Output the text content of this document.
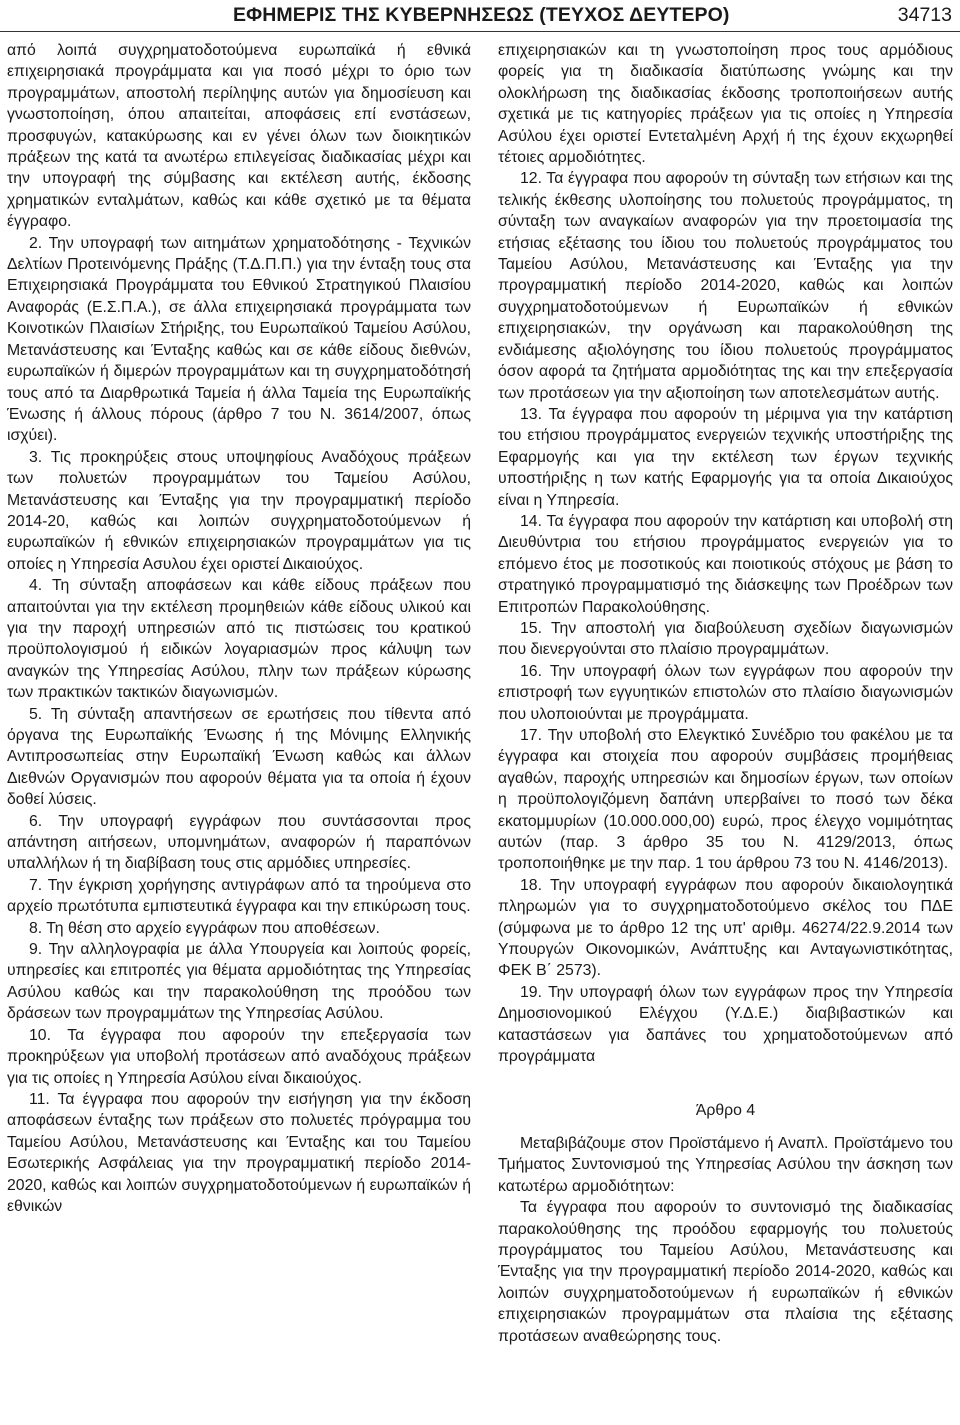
ΕΦΗΜΕΡΙΣ ΤΗΣ ΚΥΒΕΡΝΗΣΕΩΣ (ΤΕΥΧΟΣ ΔΕΥΤΕΡΟ)	34713

από λοιπά συγχρηματοδοτούμενα ευρωπαϊκά ή εθνικά επιχειρησιακά προγράμματα και για ποσό μέχρι το όριο των προγραμμάτων, αποστολή περίληψης αυτών για δημοσίευση και γνωστοποίηση, όπου απαιτείται, αποφάσεις επί ενστάσεων, προσφυγών, κατακύρωσης και εν γένει όλων των διοικητικών πράξεων της κατά τα ανωτέρω επιλεγείσας διαδικασίας μέχρι και την υπογραφή της σύμβασης και εκτέλεση αυτής, έκδοσης χρηματικών ενταλμάτων, καθώς και κάθε σχετικό με τα θέματα έγγραφο.

2. Την υπογραφή των αιτημάτων χρηματοδότησης - Τεχνικών Δελτίων Προτεινόμενης Πράξης (Τ.Δ.Π.Π.) για την ένταξη τους στα Επιχειρησιακά Προγράμματα του Εθνικού Στρατηγικού Πλαισίου Αναφοράς (Ε.Σ.Π.Α.), σε άλλα επιχειρησιακά προγράμματα των Κοινοτικών Πλαισίων Στήριξης, του Ευρωπαϊκού Ταμείου Ασύλου, Μετανάστευσης και Ένταξης καθώς και σε κάθε είδους διεθνών, ευρωπαϊκών ή διμερών προγραμμάτων και τη συγχρηματοδότησή τους από τα Διαρθρωτικά Ταμεία ή άλλα Ταμεία της Ευρωπαϊκής Ένωσης ή άλλους πόρους (άρθρο 7 του Ν. 3614/2007, όπως ισχύει).

3. Τις προκηρύξεις στους υποψηφίους Αναδόχους πράξεων των πολυετών προγραμμάτων του Ταμείου Ασύλου, Μετανάστευσης και Ένταξης για την προγραμματική περίοδο 2014-20, καθώς και λοιπών συγχρηματοδοτούμενων ή ευρωπαϊκών ή εθνικών επιχειρησιακών προγραμμάτων για τις οποίες η Υπηρεσία Ασυλου έχει οριστεί Δικαιούχος.

4. Τη σύνταξη αποφάσεων και κάθε είδους πράξεων που απαιτούνται για την εκτέλεση προμηθειών κάθε είδους υλικού και για την παροχή υπηρεσιών από τις πιστώσεις του κρατικού προϋπολογισμού ή ειδικών λογαριασμών προς κάλυψη των αναγκών της Υπηρεσίας Ασύλου, πλην των πράξεων κύρωσης των πρακτικών τακτικών διαγωνισμών.

5. Τη σύνταξη απαντήσεων σε ερωτήσεις που τίθεντα από όργανα της Ευρωπαϊκής Ένωσης ή της Μόνιμης Ελληνικής Αντιπροσωπείας στην Ευρωπαϊκή Ένωση καθώς και άλλων Διεθνών Οργανισμών που αφορούν θέματα για τα οποία ή έχουν δοθεί λύσεις.

6. Την υπογραφή εγγράφων που συντάσσονται προς απάντηση αιτήσεων, υπομνημάτων, αναφορών ή παραπόνων υπαλλήλων ή τη διαβίβαση τους στις αρμόδιες υπηρεσίες.

7. Την έγκριση χορήγησης αντιγράφων από τα τηρούμενα στο αρχείο πρωτότυπα εμπιστευτικά έγγραφα και την επικύρωση τους.

8. Τη θέση στο αρχείο εγγράφων που αποθέσεων.

9. Την αλληλογραφία με άλλα Υπουργεία και λοιπούς φορείς, υπηρεσίες και επιτροπές για θέματα αρμοδιότητας της Υπηρεσίας Ασύλου καθώς και την παρακολούθηση της προόδου των δράσεων των προγραμμάτων της Υπηρεσίας Ασύλου.

10. Τα έγγραφα που αφορούν την επεξεργασία των προκηρύξεων για υποβολή προτάσεων από αναδόχους πράξεων για τις οποίες η Υπηρεσία Ασύλου είναι δικαιούχος.

11. Τα έγγραφα που αφορούν την εισήγηση για την έκδοση αποφάσεων ένταξης των πράξεων στο πολυετές πρόγραμμα του Ταμείου Ασύλου, Μετανάστευσης και Ένταξης και του Ταμείου Εσωτερικής Ασφάλειας για την προγραμματική περίοδο 2014-2020, καθώς και λοιπών συγχρηματοδοτούμενων ή ευρωπαϊκών ή εθνικών

επιχειρησιακών και τη γνωστοποίηση προς τους αρμόδιους φορείς για τη διαδικασία διατύπωσης γνώμης και την ολοκλήρωση της διαδικασίας έκδοσης τροποποιήσεων αυτής σχετικά με τις κατηγορίες πράξεων για τις οποίες η Υπηρεσία Ασύλου έχει οριστεί Εντεταλμένη Αρχή ή της έχουν εκχωρηθεί τέτοιες αρμοδιότητες.

12. Τα έγγραφα που αφορούν τη σύνταξη των ετήσιων και της τελικής έκθεσης υλοποίησης του πολυετούς προγράμματος, τη σύνταξη των αναγκαίων αναφορών για την προετοιμασία της ετήσιας εξέτασης του ίδιου του πολυετούς προγράμματος του Ταμείου Ασύλου, Μετανάστευσης και Ένταξης για την προγραμματική περίοδο 2014-2020, καθώς και λοιπών συγχρηματοδοτούμενων ή Ευρωπαϊκών ή εθνικών επιχειρησιακών, την οργάνωση και παρακολούθηση της ενδιάμεσης αξιολόγησης του ίδιου πολυετούς προγράμματος όσον αφορά τα ζητήματα αρμοδιότητας της και την επεξεργασία των προτάσεων για την αξιοποίηση των αποτελεσμάτων αυτής.

13. Τα έγγραφα που αφορούν τη μέριμνα για την κατάρτιση του ετήσιου προγράμματος ενεργειών τεχνικής υποστήριξης της Εφαρμογής και για την εκτέλεση των έργων τεχνικής υποστήριξης η των κατής Εφαρμογής για τα οποία Δικαιούχος είναι η Υπηρεσία.

14. Τα έγγραφα που αφορούν την κατάρτιση και υποβολή στη Διευθύντρια του ετήσιου προγράμματος ενεργειών για το επόμενο έτος με ποσοτικούς και ποιοτικούς στόχους με βάση το στρατηγικό προγραμματισμό της διάσκεψης των Προέδρων των Επιτροπών Παρακολούθησης.

15. Την αποστολή για διαβούλευση σχεδίων διαγωνισμών που διενεργούνται στο πλαίσιο προγραμμάτων.

16. Την υπογραφή όλων των εγγράφων που αφορούν την επιστροφή των εγγυητικών επιστολών στο πλαίσιο διαγωνισμών που υλοποιούνται με προγράμματα.

17. Την υποβολή στο Ελεγκτικό Συνέδριο του φακέλου με τα έγγραφα και στοιχεία που αφορούν συμβάσεις προμήθειας αγαθών, παροχής υπηρεσιών και δημοσίων έργων, των οποίων η προϋπολογιζόμενη δαπάνη υπερβαίνει το ποσό των δέκα εκατομμυρίων (10.000.000,00) ευρώ, προς έλεγχο νομιμότητας αυτών (παρ. 3 άρθρο 35 του Ν. 4129/2013, όπως τροποποιήθηκε με την παρ. 1 του άρθρου 73 του Ν. 4146/2013).

18. Την υπογραφή εγγράφων που αφορούν δικαιολογητικά πληρωμών για το συγχρηματοδοτούμενο σκέλος του ΠΔΕ (σύμφωνα με το άρθρο 12 της υπ' αριθμ. 46274/22.9.2014 των Υπουργών Οικονομικών, Ανάπτυξης και Ανταγωνιστικότητας, ΦΕΚ Β΄ 2573).

19. Την υπογραφή όλων των εγγράφων προς την Υπηρεσία Δημοσιονομικού Ελέγχου (Υ.Δ.Ε.) διαβιβαστικών και καταστάσεων για δαπάνες του χρηματοδοτούμενων από προγράμματα

Άρθρο 4

Μεταβιβάζουμε στον Προϊστάμενο ή Αναπλ. Προϊστάμενο του Τμήματος Συντονισμού της Υπηρεσίας Ασύλου την άσκηση των κατωτέρω αρμοδιότητων:

Τα έγγραφα που αφορούν το συντονισμό της διαδικασίας παρακολούθησης της προόδου εφαρμογής του πολυετούς προγράμματος του Ταμείου Ασύλου, Μετανάστευσης και Ένταξης για την προγραμματική περίοδο 2014-2020, καθώς και λοιπών συγχρηματοδοτούμενων ή ευρωπαϊκών ή εθνικών επιχειρησιακών προγραμμάτων στα πλαίσια της εξέτασης προτάσεων αναθεώρησης τους.
